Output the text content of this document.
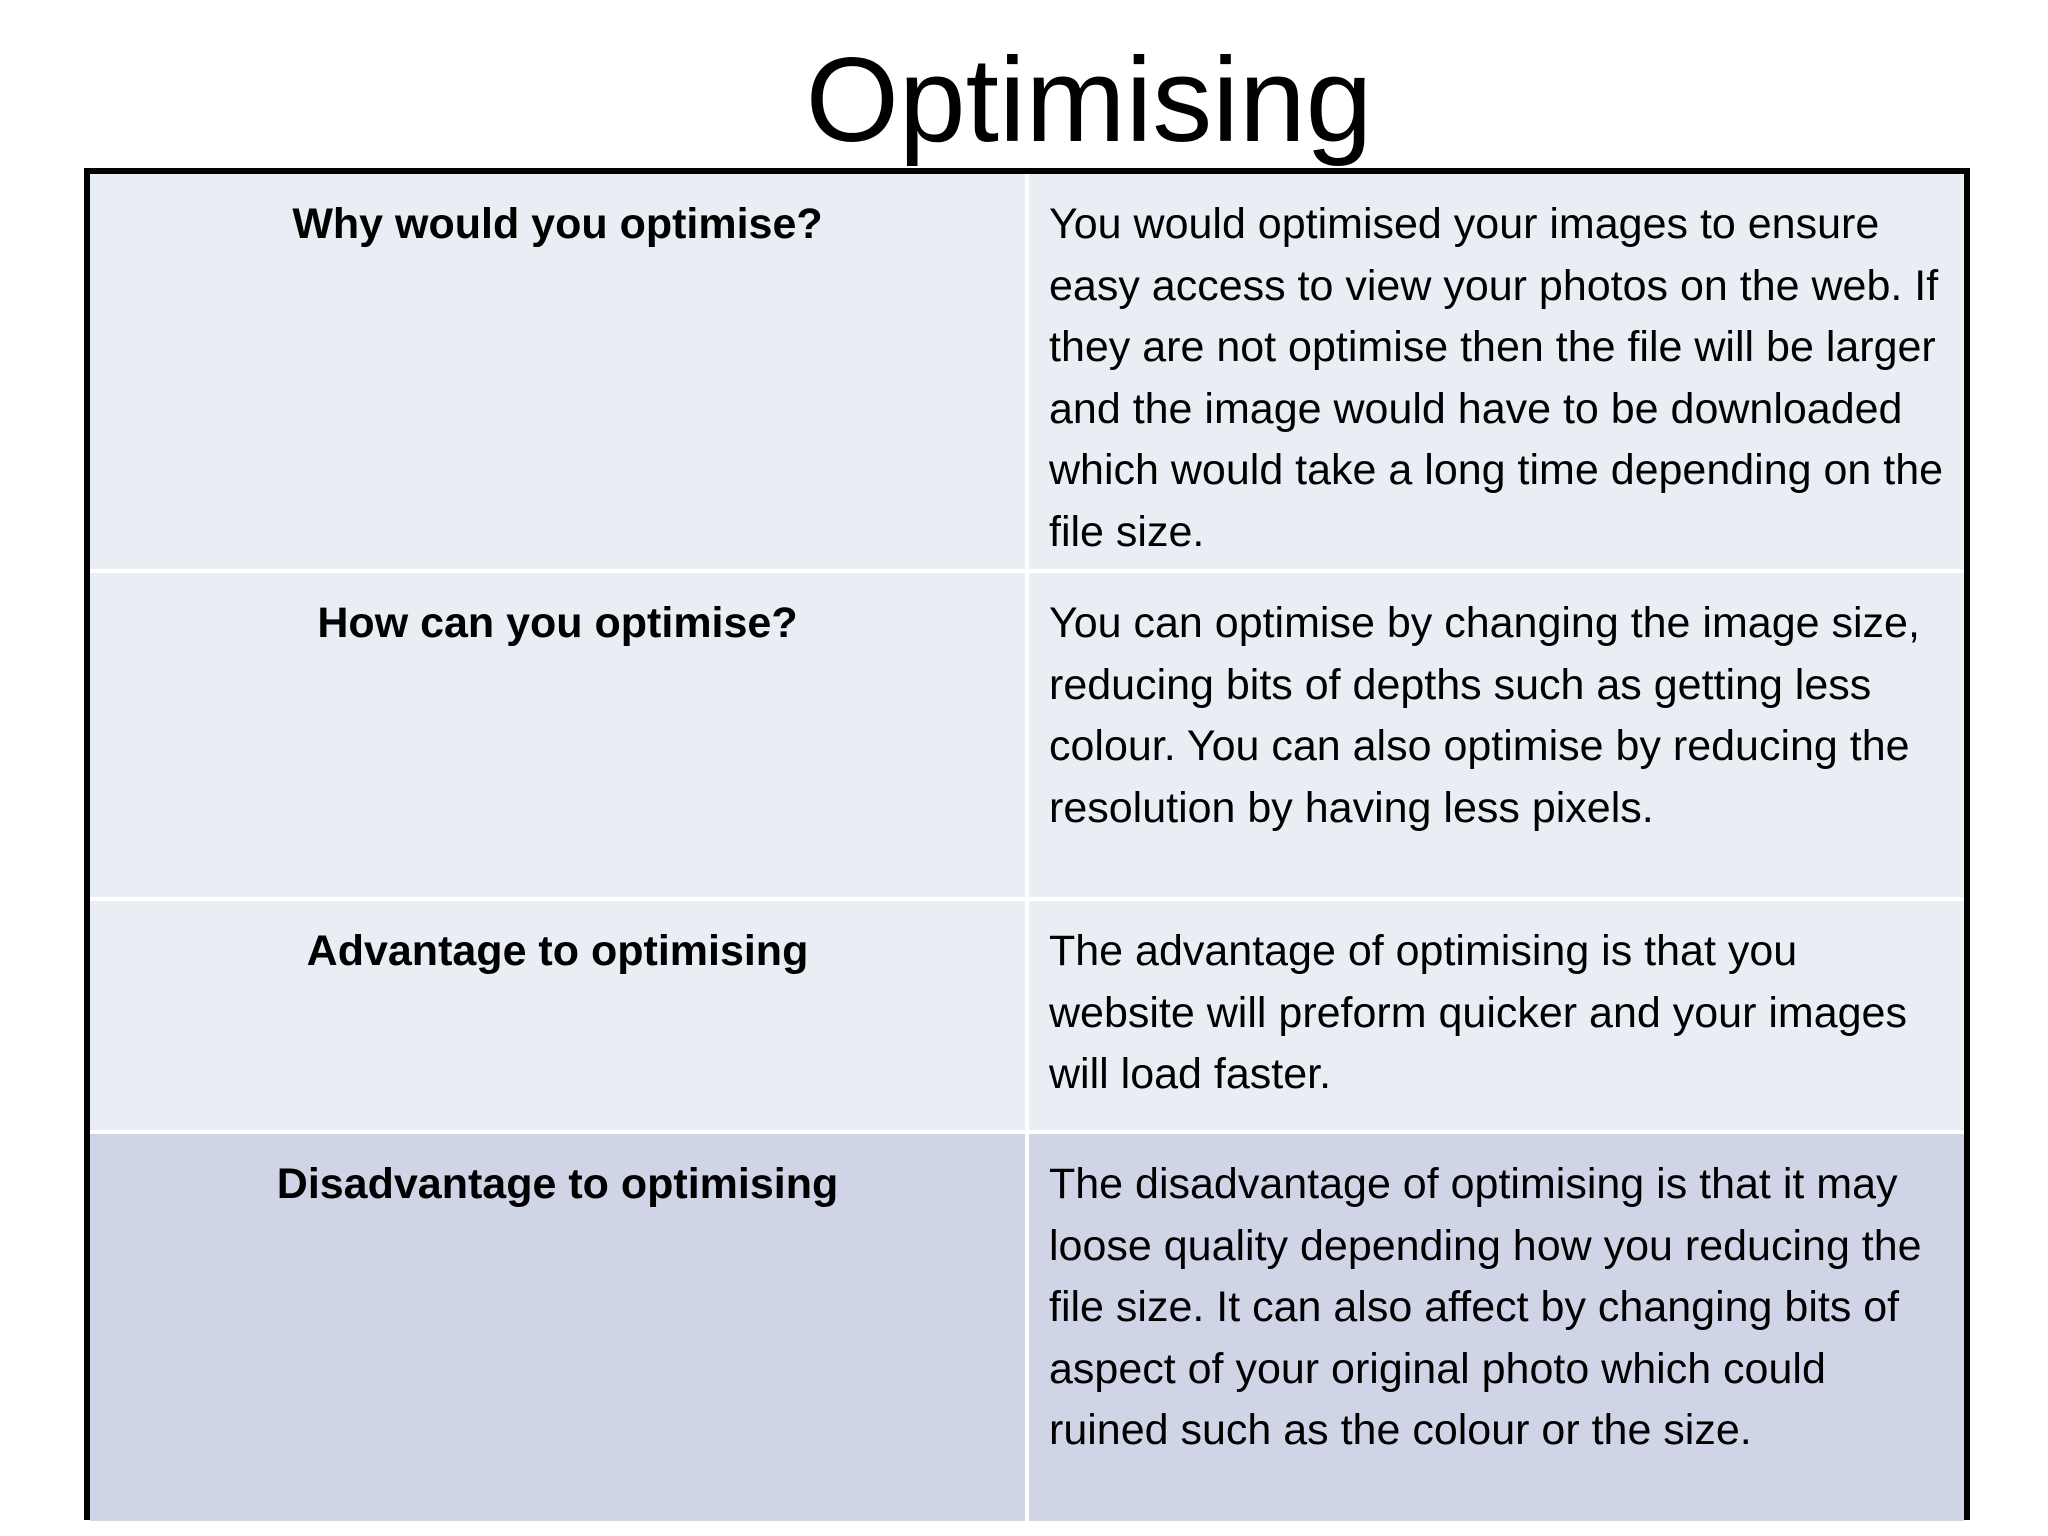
Optimising
Why would you optimise?	You would optimised your images to ensure easy access to view your photos on the web. If they are not optimise then the file will be larger and the image would have to be downloaded which would take a long time depending on the file size.
How can you optimise?	You can optimise by changing the image size, reducing bits of depths such as getting less colour. You can also optimise by reducing the resolution by having less pixels.
Advantage to optimising	The advantage of optimising is that you website will preform quicker and your images will load faster.
Disadvantage to optimising	The disadvantage of optimising is that it may loose quality depending how you reducing the file size. It can also affect by changing bits of aspect of your original photo which could ruined such as the colour or the size.
